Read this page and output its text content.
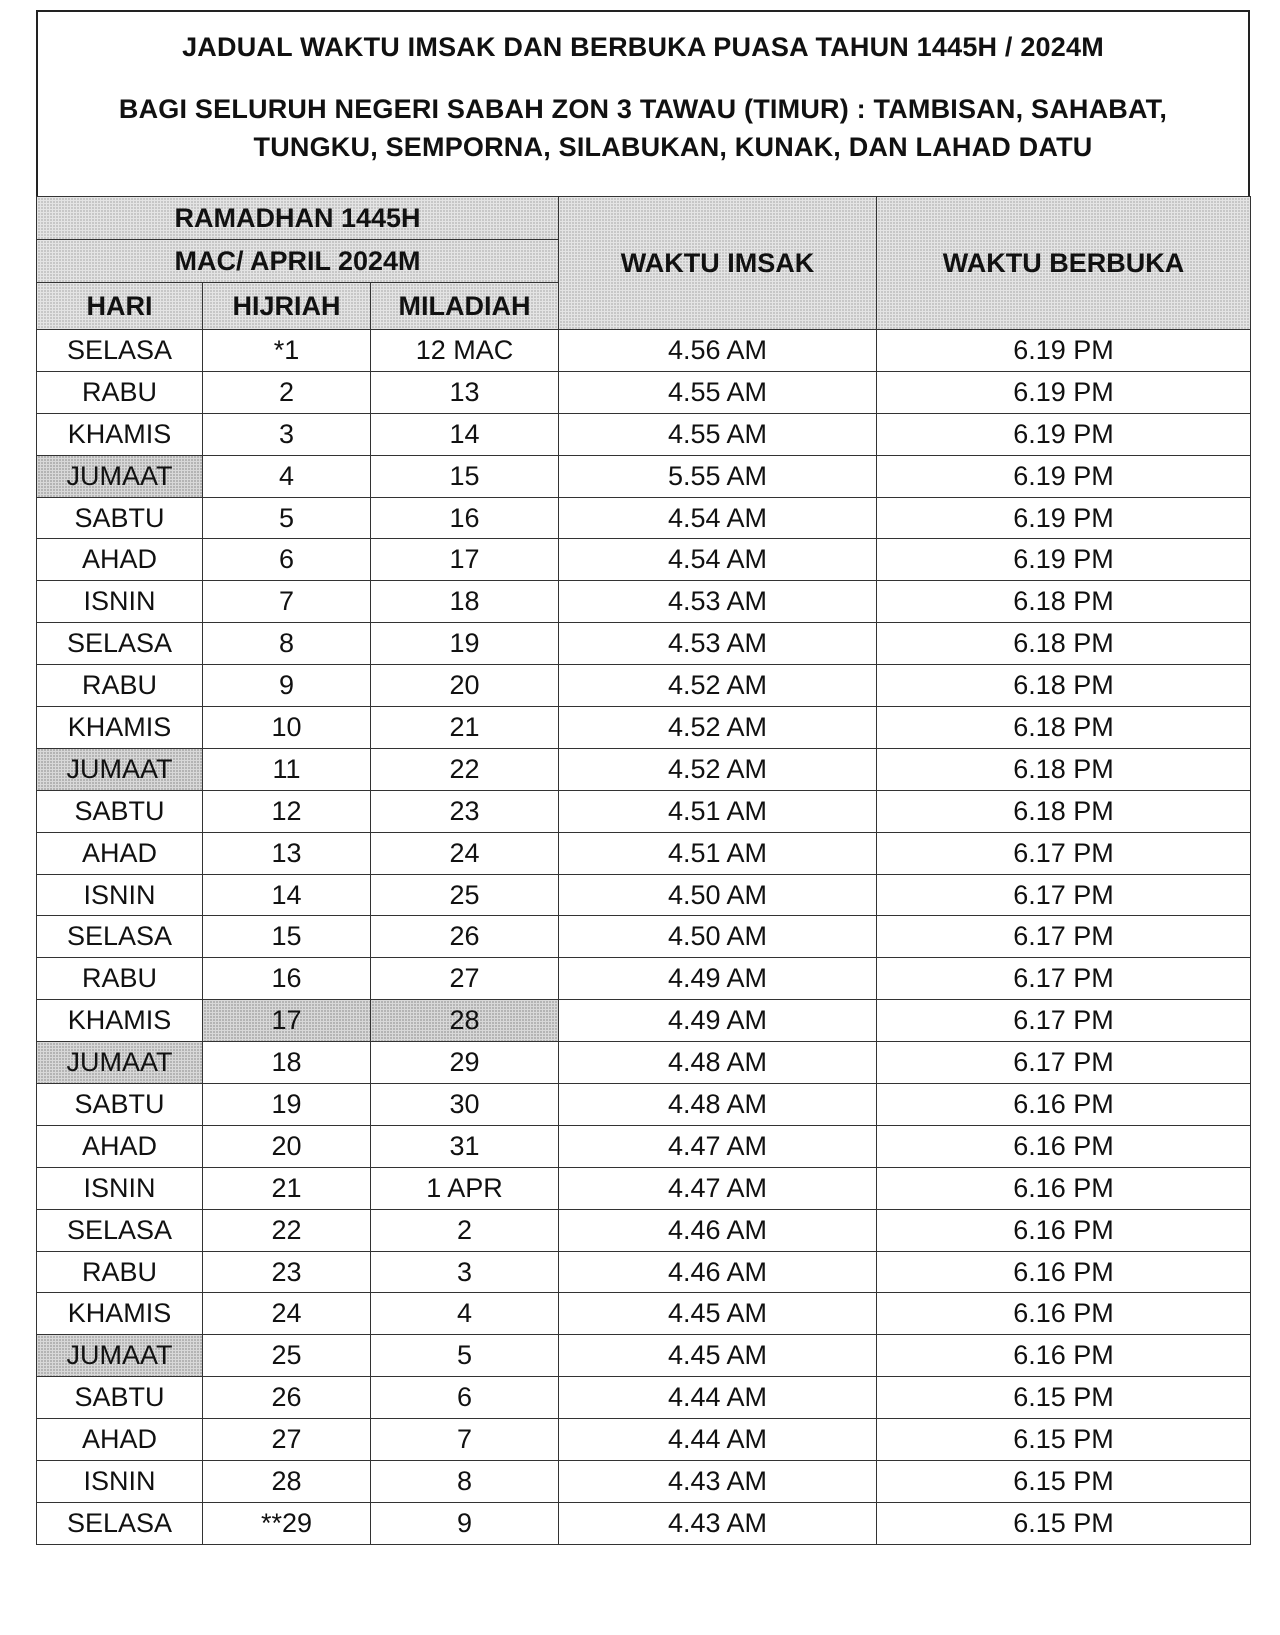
JADUAL WAKTU IMSAK DAN BERBUKA PUASA TAHUN 1445H / 2024M
BAGI SELURUH NEGERI SABAH ZON 3 TAWAU (TIMUR) : TAMBISAN, SAHABAT,
TUNGKU, SEMPORNA, SILABUKAN, KUNAK, DAN LAHAD DATU
RAMADHAN 1445H			WAKTU IMSAK	WAKTU BERBUKA
MAC/ APRIL 2024M				
HARI	HIJRIAH	MILADIAH		
SELASA	*1	12 MAC	4.56 AM	6.19 PM
RABU	2	13	4.55 AM	6.19 PM
KHAMIS	3	14	4.55 AM	6.19 PM
JUMAAT	4	15	5.55 AM	6.19 PM
SABTU	5	16	4.54 AM	6.19 PM
AHAD	6	17	4.54 AM	6.19 PM
ISNIN	7	18	4.53 AM	6.18 PM
SELASA	8	19	4.53 AM	6.18 PM
RABU	9	20	4.52 AM	6.18 PM
KHAMIS	10	21	4.52 AM	6.18 PM
JUMAAT	11	22	4.52 AM	6.18 PM
SABTU	12	23	4.51 AM	6.18 PM
AHAD	13	24	4.51 AM	6.17 PM
ISNIN	14	25	4.50 AM	6.17 PM
SELASA	15	26	4.50 AM	6.17 PM
RABU	16	27	4.49 AM	6.17 PM
KHAMIS	17	28	4.49 AM	6.17 PM
JUMAAT	18	29	4.48 AM	6.17 PM
SABTU	19	30	4.48 AM	6.16 PM
AHAD	20	31	4.47 AM	6.16 PM
ISNIN	21	1 APR	4.47 AM	6.16 PM
SELASA	22	2	4.46 AM	6.16 PM
RABU	23	3	4.46 AM	6.16 PM
KHAMIS	24	4	4.45 AM	6.16 PM
JUMAAT	25	5	4.45 AM	6.16 PM
SABTU	26	6	4.44 AM	6.15 PM
AHAD	27	7	4.44 AM	6.15 PM
ISNIN	28	8	4.43 AM	6.15 PM
SELASA	**29	9	4.43 AM	6.15 PM
